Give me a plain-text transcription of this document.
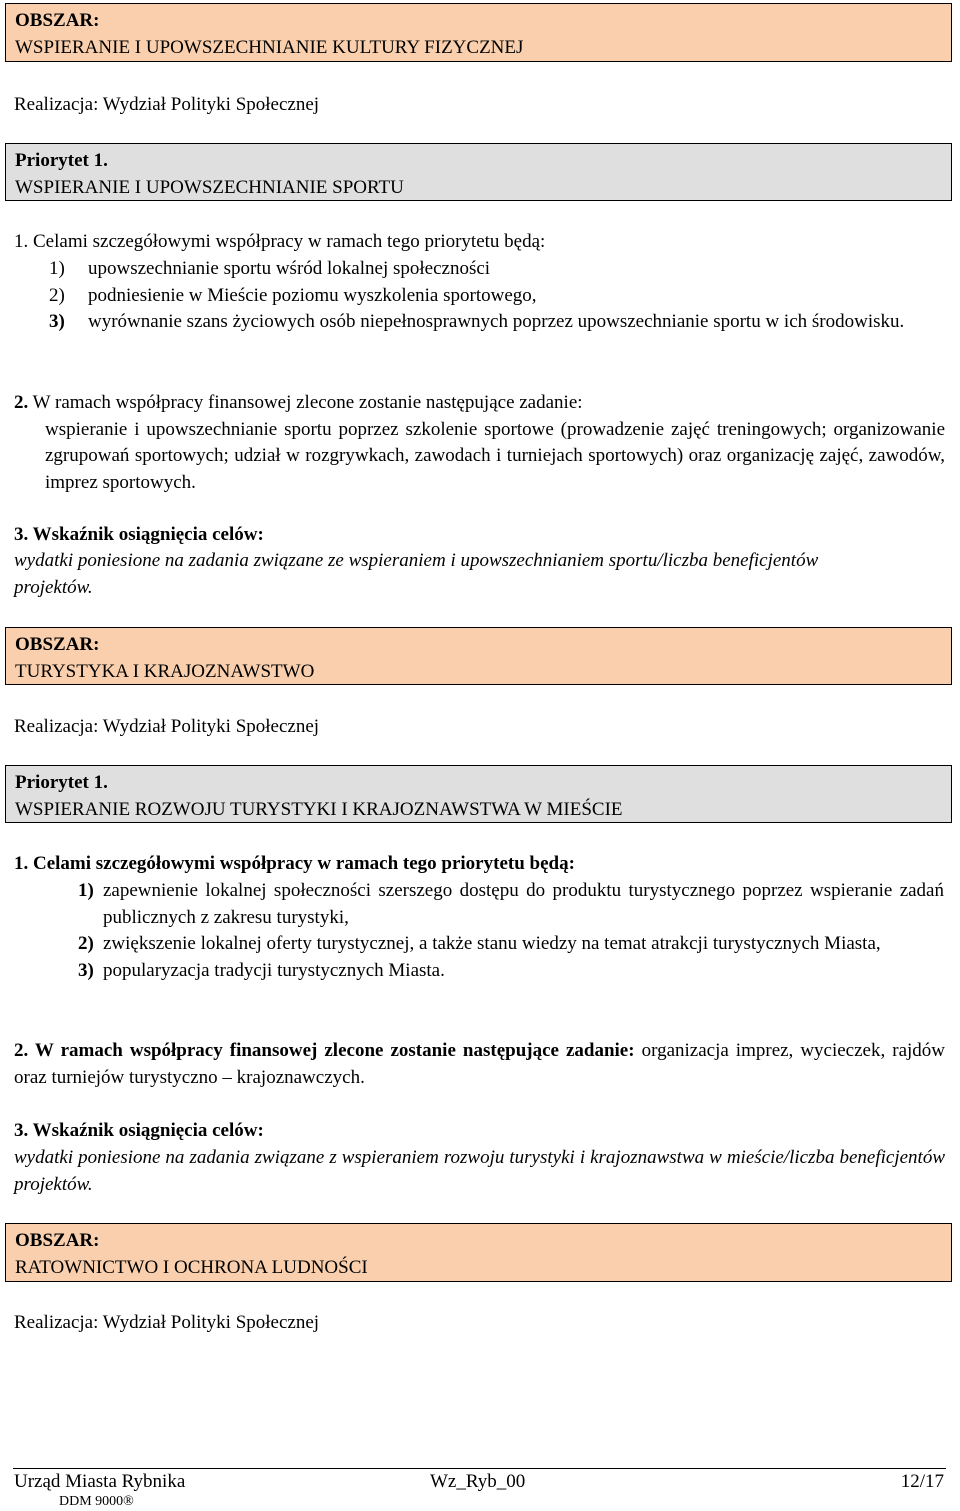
OBSZAR:
WSPIERANIE I UPOWSZECHNIANIE KULTURY FIZYCZNEJ
Realizacja: Wydział Polityki Społecznej
Priorytet 1.
WSPIERANIE I UPOWSZECHNIANIE SPORTU
1. Celami szczegółowymi współpracy w ramach tego priorytetu będą:
1)	upowszechnianie sportu wśród lokalnej społeczności
2)	podniesienie w Mieście poziomu wyszkolenia sportowego,
3)	wyrównanie szans życiowych osób niepełnosprawnych poprzez upowszechnianie sportu w ich środowisku.
2. W ramach współpracy finansowej zlecone zostanie następujące zadanie:
wspieranie i upowszechnianie sportu poprzez szkolenie sportowe (prowadzenie zajęć treningowych; organizowanie zgrupowań sportowych; udział w rozgrywkach, zawodach i turniejach sportowych) oraz organizację zajęć, zawodów, imprez sportowych.
3. Wskaźnik osiągnięcia celów:
wydatki poniesione na zadania związane ze wspieraniem i upowszechnianiem sportu/liczba beneficjentów projektów.
OBSZAR:
TURYSTYKA I KRAJOZNAWSTWO
Realizacja: Wydział Polityki Społecznej
Priorytet 1.
WSPIERANIE ROZWOJU TURYSTYKI I KRAJOZNAWSTWA W MIEŚCIE
1. Celami szczegółowymi współpracy w ramach tego priorytetu będą:
1) zapewnienie lokalnej społeczności szerszego dostępu do produktu turystycznego poprzez wspieranie zadań publicznych z zakresu turystyki,
2) zwiększenie lokalnej oferty turystycznej, a także stanu wiedzy na temat atrakcji turystycznych Miasta,
3) popularyzacja tradycji turystycznych Miasta.
2. W ramach współpracy finansowej zlecone zostanie następujące zadanie: organizacja imprez, wycieczek, rajdów oraz turniejów turystyczno – krajoznawczych.
3. Wskaźnik osiągnięcia celów:
wydatki poniesione na zadania związane z wspieraniem rozwoju turystyki i krajoznawstwa w mieście/liczba beneficjentów projektów.
OBSZAR:
RATOWNICTWO I OCHRONA LUDNOŚCI
Realizacja: Wydział Polityki Społecznej
Urząd Miasta Rybnika	Wz_Ryb_00	12/17
DDM 9000®
